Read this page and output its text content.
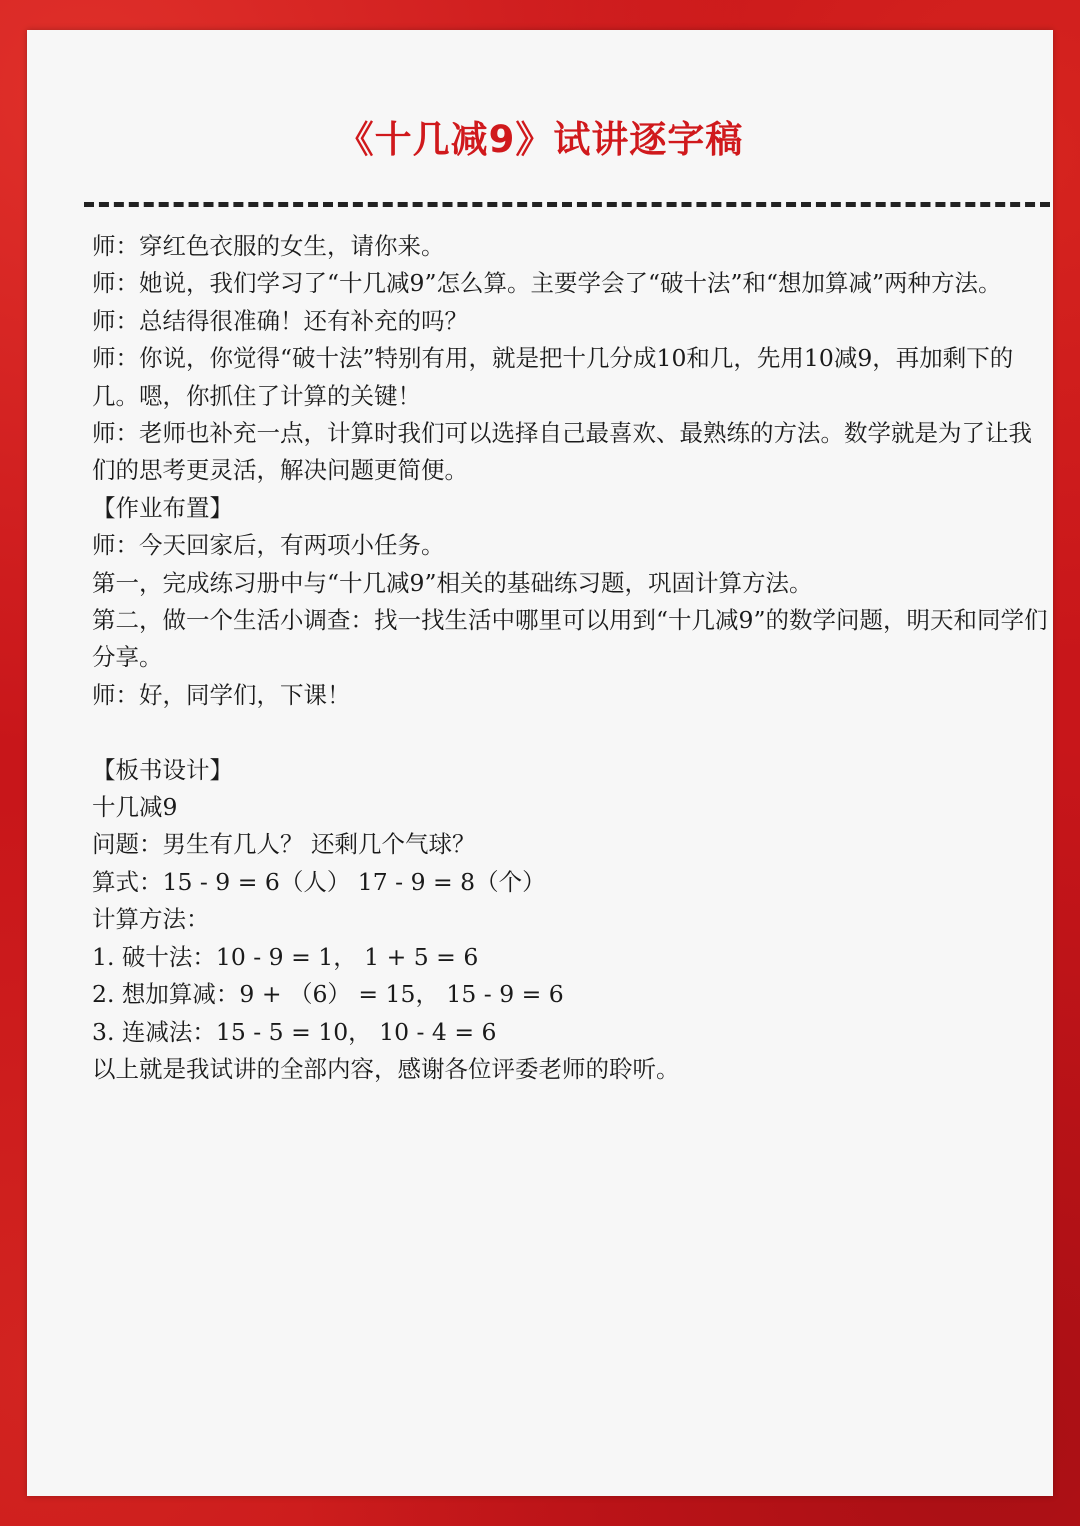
《十几减9》试讲逐字稿

师：穿红色衣服的女生，请你来。

师：她说，我们学习了“十几减9”怎么算。主要学会了“破十法”和“想加算减”两种方法。

师：总结得很准确！还有补充的吗？

师：你说，你觉得“破十法”特别有用，就是把十几分成10和几，先用10减9，再加剩下的几。嗯，你抓住了计算的关键！

师：老师也补充一点，计算时我们可以选择自己最喜欢、最熟练的方法。数学就是为了让我们的思考更灵活，解决问题更简便。

【作业布置】

师：今天回家后，有两项小任务。

第一，完成练习册中与“十几减9”相关的基础练习题，巩固计算方法。

第二，做一个生活小调查：找一找生活中哪里可以用到“十几减9”的数学问题，明天和同学们分享。

师：好，同学们，下课！

【板书设计】

十几减9

问题：男生有几人？ 还剩几个气球？

算式：15 - 9 = 6（人） 17 - 9 = 8（个）

计算方法：

1. 破十法：10 - 9 = 1， 1 + 5 = 6

2. 想加算减：9 + （6） = 15， 15 - 9 = 6

3. 连减法：15 - 5 = 10， 10 - 4 = 6

以上就是我试讲的全部内容，感谢各位评委老师的聆听。
